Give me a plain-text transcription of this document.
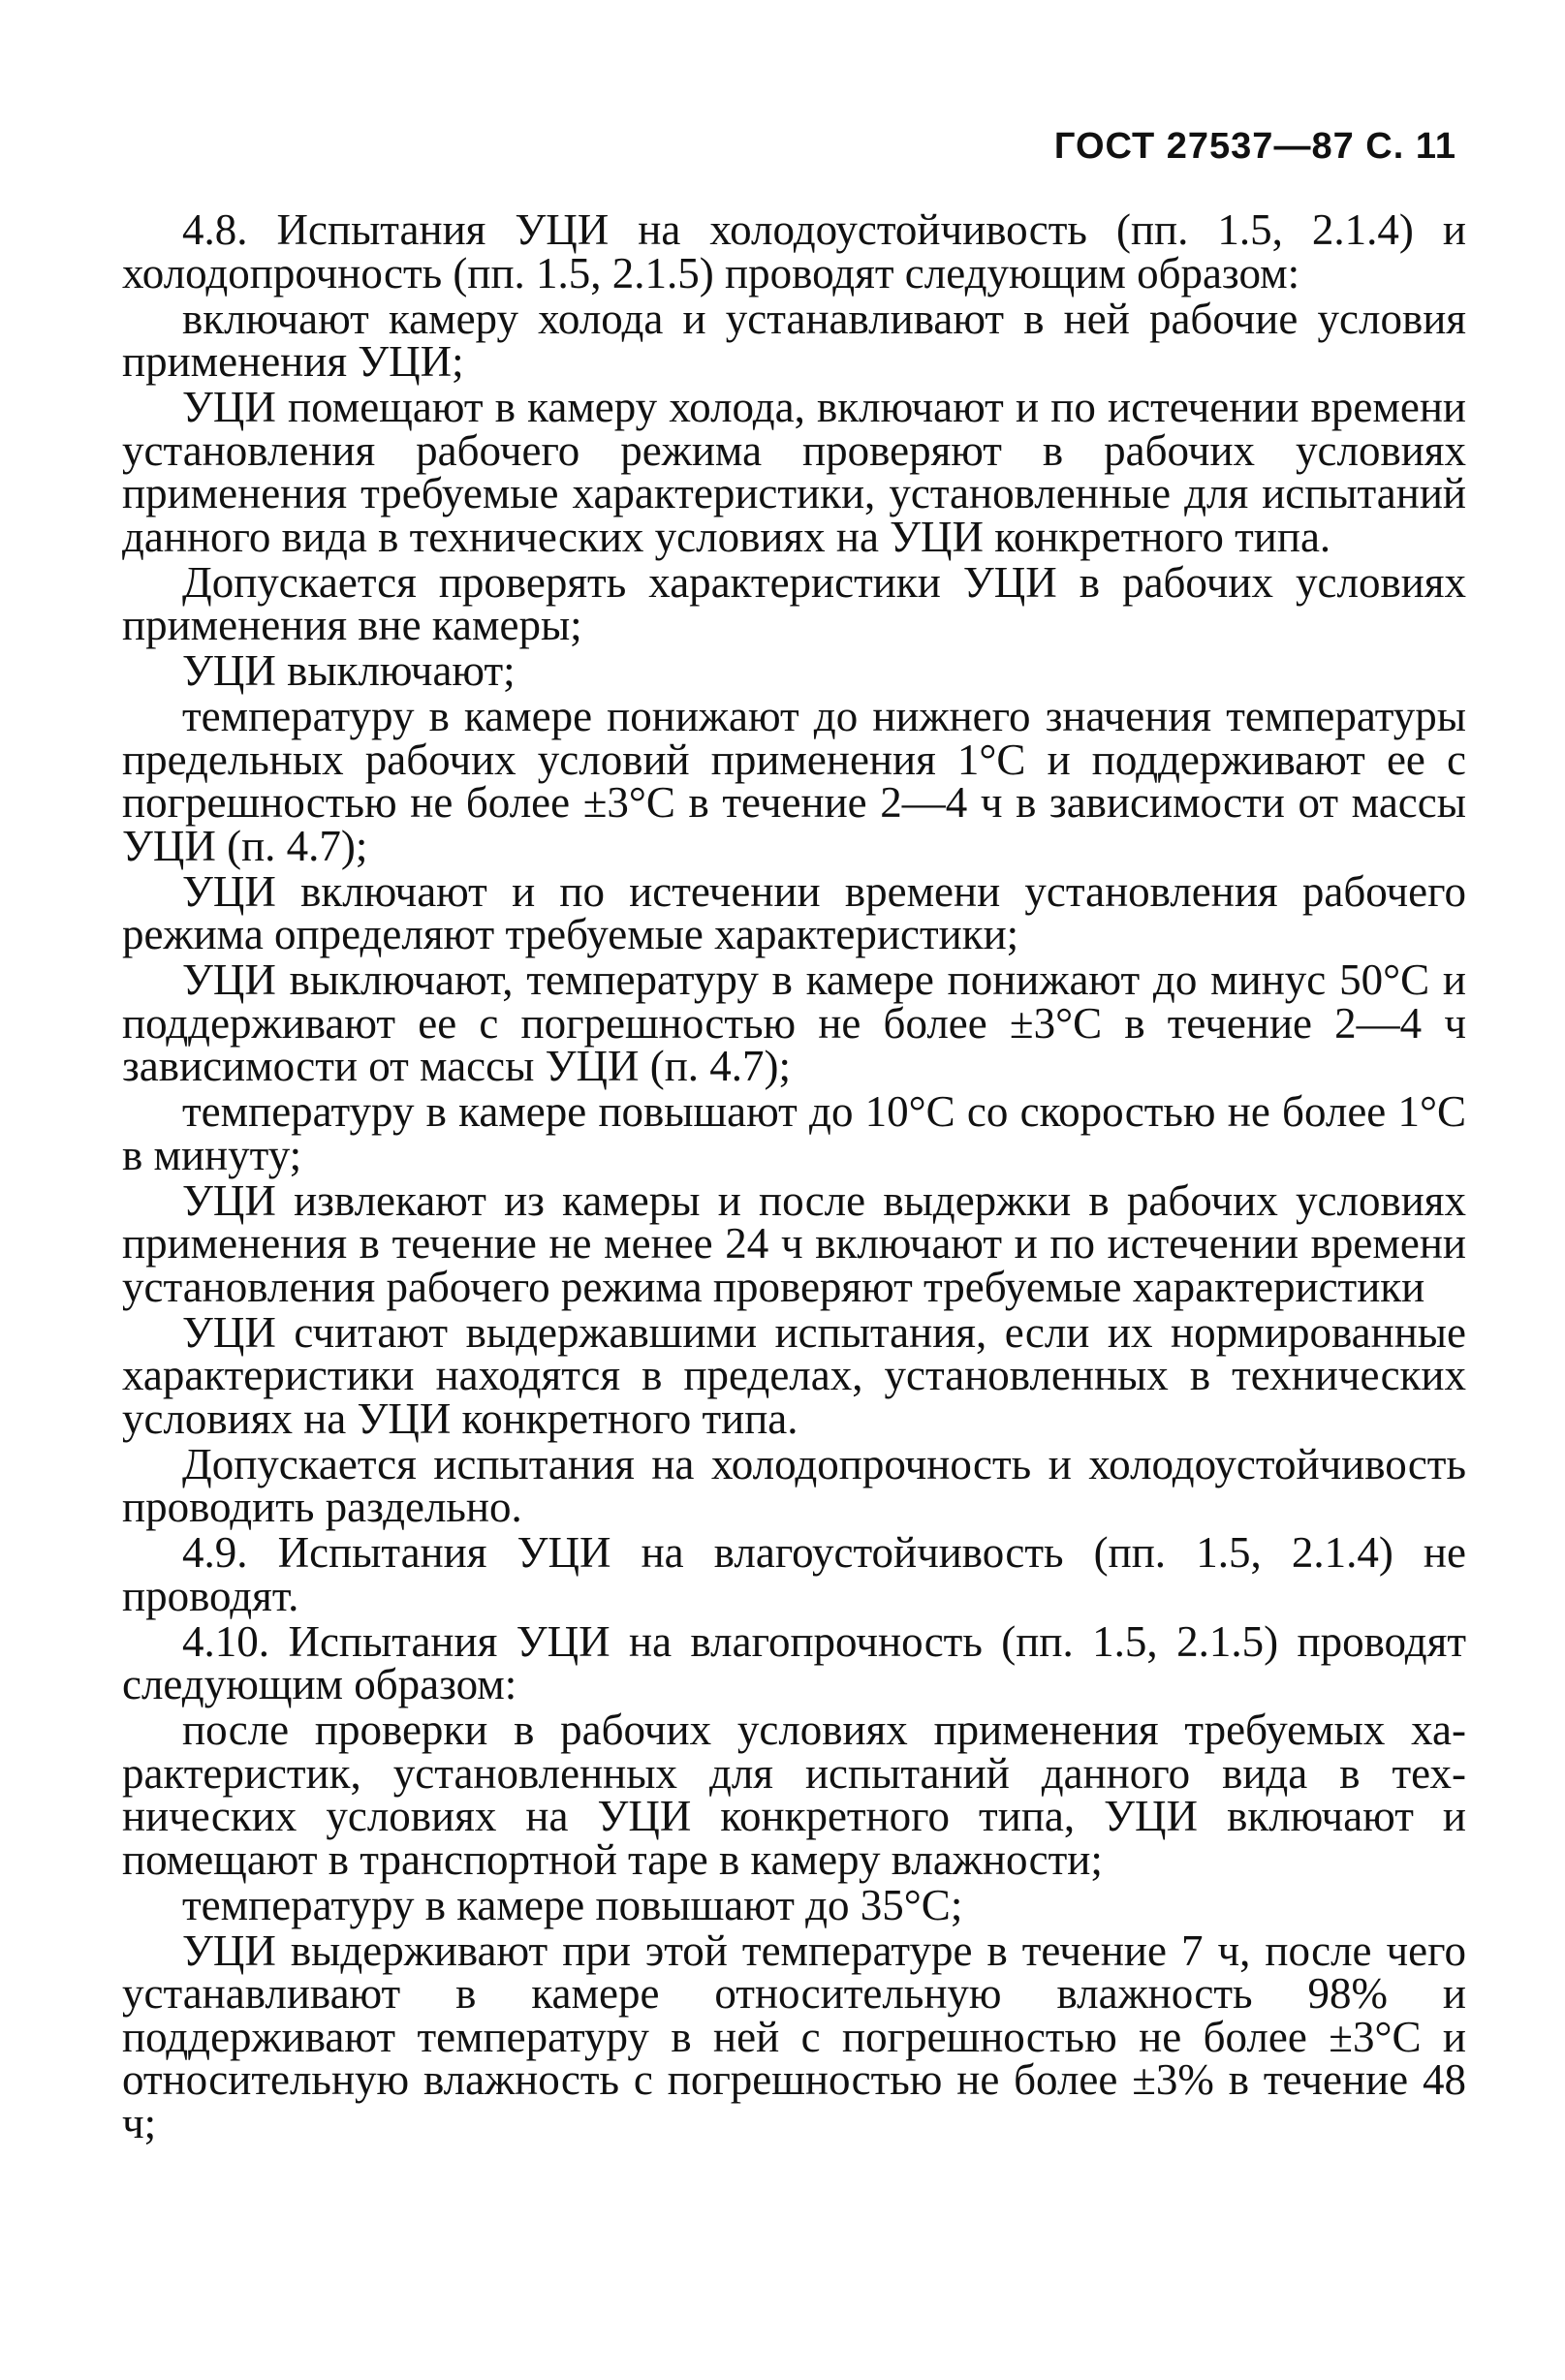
ГОСТ 27537—87 С. 11

4.8. Испытания УЦИ на холодоустойчивость (пп. 1.5, 2.1.4) и холодопрочность (пп. 1.5, 2.1.5) проводят следующим образом:

включают камеру холода и устанавливают в ней рабочие условия применения УЦИ;

УЦИ помещают в камеру холода, включают и по истечении времени установления рабочего режима проверяют в рабочих условиях применения требуемые характеристики, установленные для испытаний данного вида в технических условиях на УЦИ конкретного типа.

Допускается проверять характеристики УЦИ в рабочих условиях применения вне камеры;

УЦИ выключают;

температуру в камере понижают до нижнего значения температуры предельных рабочих условий применения 1°С и поддерживают ее с погрешностью не более ±3°С в течение 2—4 ч в зависимости от массы УЦИ (п. 4.7);

УЦИ включают и по истечении времени установления рабочего режима определяют требуемые характеристики;

УЦИ выключают, температуру в камере понижают до минус 50°С и поддерживают ее с погрешностью не более ±3°С в течение 2—4 ч зависимости от массы УЦИ (п. 4.7);

температуру в камере повышают до 10°С со скоростью не более 1°С в минуту;

УЦИ извлекают из камеры и после выдержки в рабочих условиях применения в течение не менее 24 ч включают и по истечении времени установления рабочего режима проверяют требуемые характеристики

УЦИ считают выдержавшими испытания, если их нормированные характеристики находятся в пределах, установленных в технических условиях на УЦИ конкретного типа.

Допускается испытания на холодопрочность и холодоустойчивость проводить раздельно.

4.9. Испытания УЦИ на влагоустойчивость (пп. 1.5, 2.1.4) не проводят.

4.10. Испытания УЦИ на влагопрочность (пп. 1.5, 2.1.5) проводят следующим образом:

после проверки в рабочих условиях применения требуемых характеристик, установленных для испытаний данного вида в технических условиях на УЦИ конкретного типа, УЦИ включают и помещают в транспортной таре в камеру влажности;

температуру в камере повышают до 35°С;

УЦИ выдерживают при этой температуре в течение 7 ч, после чего устанавливают в камере относительную влажность 98% и поддерживают температуру в ней с погрешностью не более ±3°С и относительную влажность с погрешностью не более ±3% в течение 48 ч;
